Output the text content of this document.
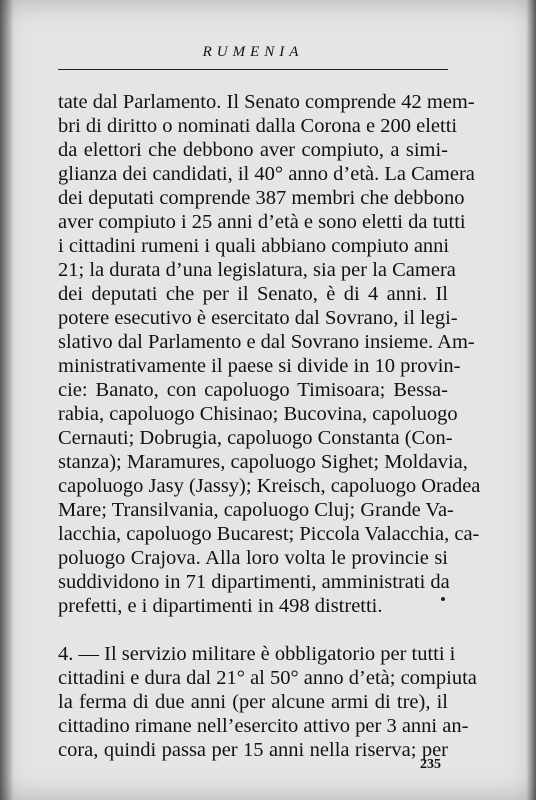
RUMENIA
tate dal Parlamento. Il Senato comprende 42 mem-
bri di diritto o nominati dalla Corona e 200 eletti
da elettori che debbono aver compiuto, a simi-
glianza dei candidati, il 40° anno d’età. La Camera
dei deputati comprende 387 membri che debbono
aver compiuto i 25 anni d’età e sono eletti da tutti
i cittadini rumeni i quali abbiano compiuto anni
21; la durata d’una legislatura, sia per la Camera
dei deputati che per il Senato, è di 4 anni. Il
potere esecutivo è esercitato dal Sovrano, il legi-
slativo dal Parlamento e dal Sovrano insieme. Am-
ministrativamente il paese si divide in 10 provin-
cie: Banato, con capoluogo Timisoara; Bessa-
rabia, capoluogo Chisinao; Bucovina, capoluogo
Cernauti; Dobrugia, capoluogo Constanta (Con-
stanza); Maramures, capoluogo Sighet; Moldavia,
capoluogo Jasy (Jassy); Kreisch, capoluogo Oradea
Mare; Transilvania, capoluogo Cluj; Grande Va-
lacchia, capoluogo Bucarest; Piccola Valacchia, ca-
poluogo Crajova. Alla loro volta le provincie si
suddividono in 71 dipartimenti, amministrati da
prefetti, e i dipartimenti in 498 distretti.
4. — Il servizio militare è obbligatorio per tutti i
cittadini e dura dal 21° al 50° anno d’età; compiuta
la ferma di due anni (per alcune armi di tre), il
cittadino rimane nell’esercito attivo per 3 anni an-
cora, quindi passa per 15 anni nella riserva; per
235
